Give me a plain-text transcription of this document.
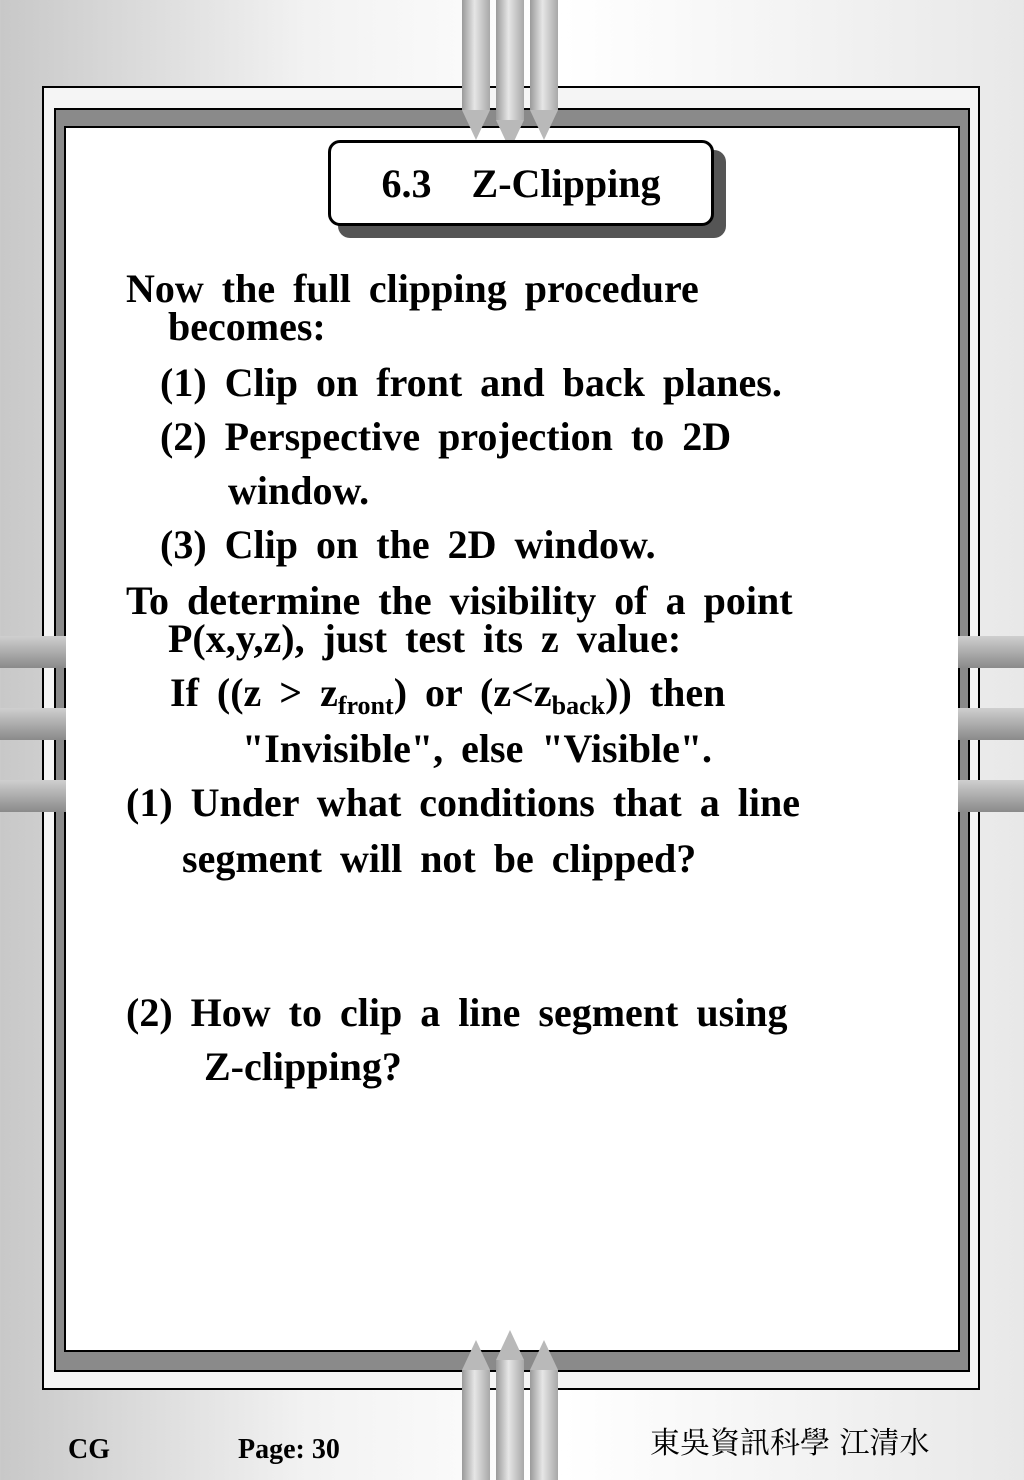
6.3    Z-Clipping
Now the full clipping procedure
becomes:
(1) Clip on front and back planes.
(2) Perspective projection to 2D
window.
(3) Clip on the 2D window.
To determine the visibility of a point
P(x,y,z), just test its z value:
If ($(z > z_{front})$ or $(z<z_{back})$) then
"Invisible", else "Visible".
(1) Under what conditions that a line
segment will not be clipped?
(2) How to clip a line segment using
Z-clipping?
CG	Page: 30	東吳資訊科學 江清水
